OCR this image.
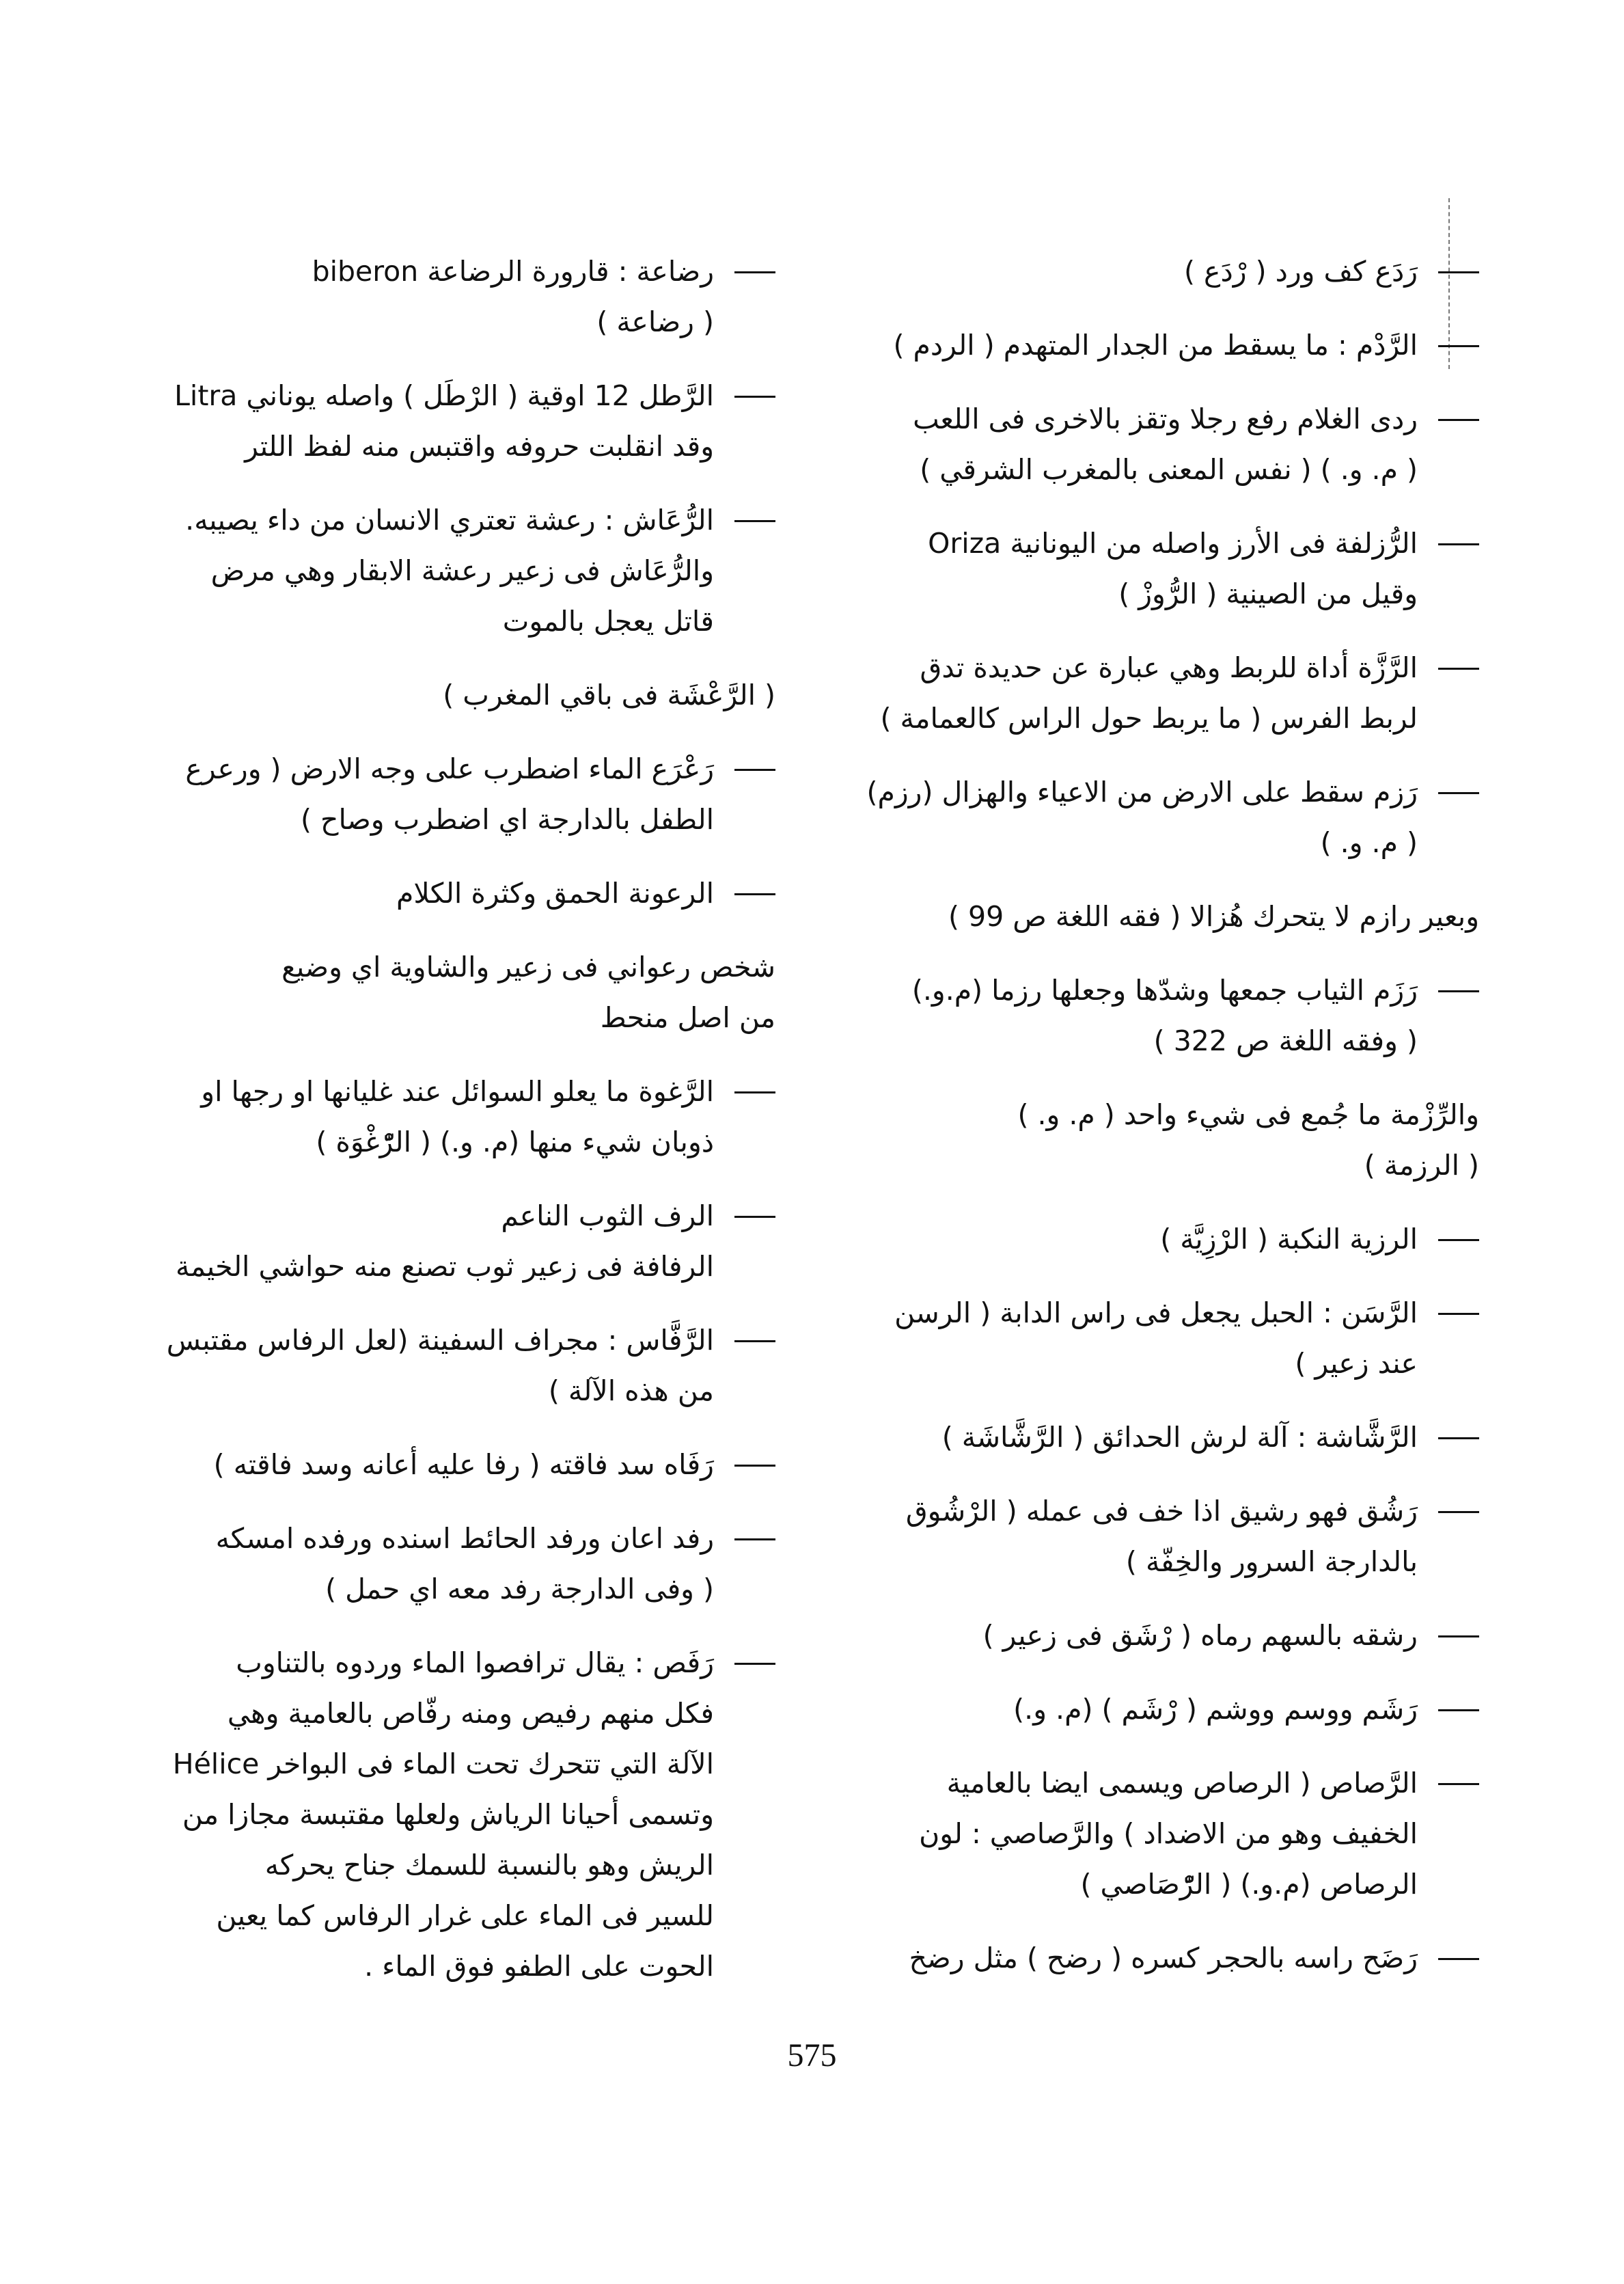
رَدَع كف ورد ( رْدَع )
الرَّدْم : ما يسقط من الجدار المتهدم ( الردم )
ردى الغلام رفع رجلا وتقز بالاخرى فى اللعب
( م. و. ) ( نفس المعنى بالمغرب الشرقي )
الرُّزلفة فى الأرز واصله من اليونانية Oriza
وقيل من الصينية ( الرُّوزْ )
الرَّزَّة أداة للربط وهي عبارة عن حديدة تدق
لربط الفرس ( ما يربط حول الراس كالعمامة )
رَزم سقط على الارض من الاعياء والهزال (رزم)
( م. و. )
وبعير رازم لا يتحرك هُزالا ( فقه اللغة ص 99 )
رَزَم الثياب جمعها وشدّها وجعلها رزما (م.و.)
( وفقه اللغة ص 322 )
والرِّزْمة ما جُمع فى شيء واحد ( م. و. )
( الرزمة )
الرزية النكبة ( الرْزِيَّة )
الرَّسَن : الحبل يجعل فى راس الدابة ( الرسن
عند زعير )
الرَّشَّاشة : آلة لرش الحدائق ( الرَّشَّاشَة )
رَشُق فهو رشيق اذا خف فى عمله ( الرْشُوق
بالدارجة السرور والخِفّة )
رشقه بالسهم رماه ( رْشَق فى زعير )
رَشَم ووسم ووشم ( رْشَم ) (م. و.)
الرَّصاص ( الرصاص ويسمى ايضا بالعامية
الخفيف وهو من الاضداد ) والرَّصاصي : لون
الرصاص (م.و.) ( الرّْصَاصي )
رَضَح راسه بالحجر كسره ( رضح ) مثل رضخ
رضاعة : قارورة الرضاعة biberon
( رضاعة )
الرَّطل 12 اوقية ( الرْطَل ) واصله يوناني Litra
وقد انقلبت حروفه واقتبس منه لفظ اللتر
الرُّعَاش : رعشة تعتري الانسان من داء يصيبه.
والرُّعَاش فى زعير رعشة الابقار وهي مرض
قاتل يعجل بالموت
( الرَّعْشَة فى باقي المغرب )
رَعْرَع الماء اضطرب على وجه الارض ( ورعرع
الطفل بالدارجة اي اضطرب وصاح )
الرعونة الحمق وكثرة الكلام
شخص رعواني فى زعير والشاوية اي وضيع
من اصل منحط
الرَّغوة ما يعلو السوائل عند غليانها او رجها او
ذوبان شيء منها (م. و.) ( الرّْغْوَة )
الرف الثوب الناعم
الرفافة فى زعير ثوب تصنع منه حواشي الخيمة
الرَّفَّاس : مجراف السفينة (لعل الرفاس مقتبس
من هذه الآلة )
رَفَاه سد فاقته ( رفا عليه أعانه وسد فاقته )
رفد اعان ورفد الحائط اسنده ورفده امسكه
( وفى الدارجة رفد معه اي حمل )
رَفَص : يقال ترافصوا الماء وردوه بالتناوب
فكل منهم رفيص ومنه رفّاص بالعامية وهي
الآلة التي تتحرك تحت الماء فى البواخر Hélice
وتسمى أحيانا الرياش ولعلها مقتبسة مجازا من
الريش وهو بالنسبة للسمك جناح يحركه
للسير فى الماء على غرار الرفاس كما يعين
الحوت على الطفو فوق الماء .
575
